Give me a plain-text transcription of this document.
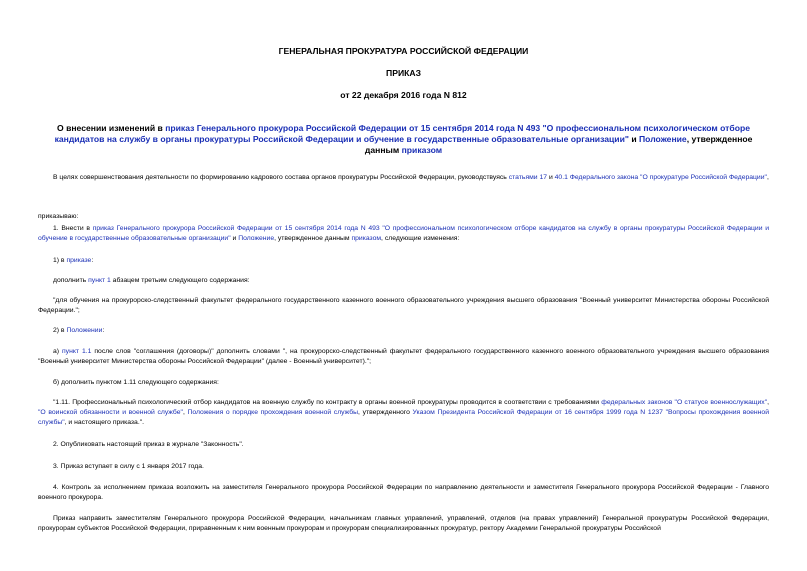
ГЕНЕРАЛЬНАЯ ПРОКУРАТУРА РОССИЙСКОЙ ФЕДЕРАЦИИ
ПРИКАЗ
от 22 декабря 2016 года N 812
О внесении изменений в приказ Генерального прокурора Российской Федерации от 15 сентября 2014 года N 493 "О профессиональном психологическом отборе кандидатов на службу в органы прокуратуры Российской Федерации и обучение в государственные образовательные организации" и Положение, утвержденное данным приказом
В целях совершенствования деятельности по формированию кадрового состава органов прокуратуры Российской Федерации, руководствуясь статьями 17 и 40.1 Федерального закона "О прокуратуре Российской Федерации",
приказываю:
1. Внести в приказ Генерального прокурора Российской Федерации от 15 сентября 2014 года N 493 "О профессиональном психологическом отборе кандидатов на службу в органы прокуратуры Российской Федерации и обучение в государственные образовательные организации" и Положение, утвержденное данным приказом, следующие изменения:
1) в приказе:
дополнить пункт 1 абзацем третьим следующего содержания:
"для обучения на прокурорско-следственный факультет федерального государственного казенного военного образовательного учреждения высшего образования "Военный университет Министерства обороны Российской Федерации.";
2) в Положении:
а) пункт 1.1 после слов "соглашения (договоры)" дополнить словами ", на прокурорско-следственный факультет федерального государственного казенного военного образовательного учреждения высшего образования "Военный университет Министерства обороны Российской Федерации" (далее - Военный университет).";
б) дополнить пунктом 1.11 следующего содержания:
"1.11. Профессиональный психологический отбор кандидатов на военную службу по контракту в органы военной прокуратуры проводится в соответствии с требованиями федеральных законов "О статусе военнослужащих", "О воинской обязанности и военной службе", Положения о порядке прохождения военной службы, утвержденного Указом Президента Российской Федерации от 16 сентября 1999 года N 1237 "Вопросы прохождения военной службы", и настоящего приказа.".
2. Опубликовать настоящий приказ в журнале "Законность".
3. Приказ вступает в силу с 1 января 2017 года.
4. Контроль за исполнением приказа возложить на заместителя Генерального прокурора Российской Федерации по направлению деятельности и заместителя Генерального прокурора Российской Федерации - Главного военного прокурора.
Приказ направить заместителям Генерального прокурора Российской Федерации, начальникам главных управлений, управлений, отделов (на правах управлений) Генеральной прокуратуры Российской Федерации, прокурорам субъектов Российской Федерации, приравненным к ним военным прокурорам и прокурорам специализированных прокуратур, ректору Академии Генеральной прокуратуры Российской
